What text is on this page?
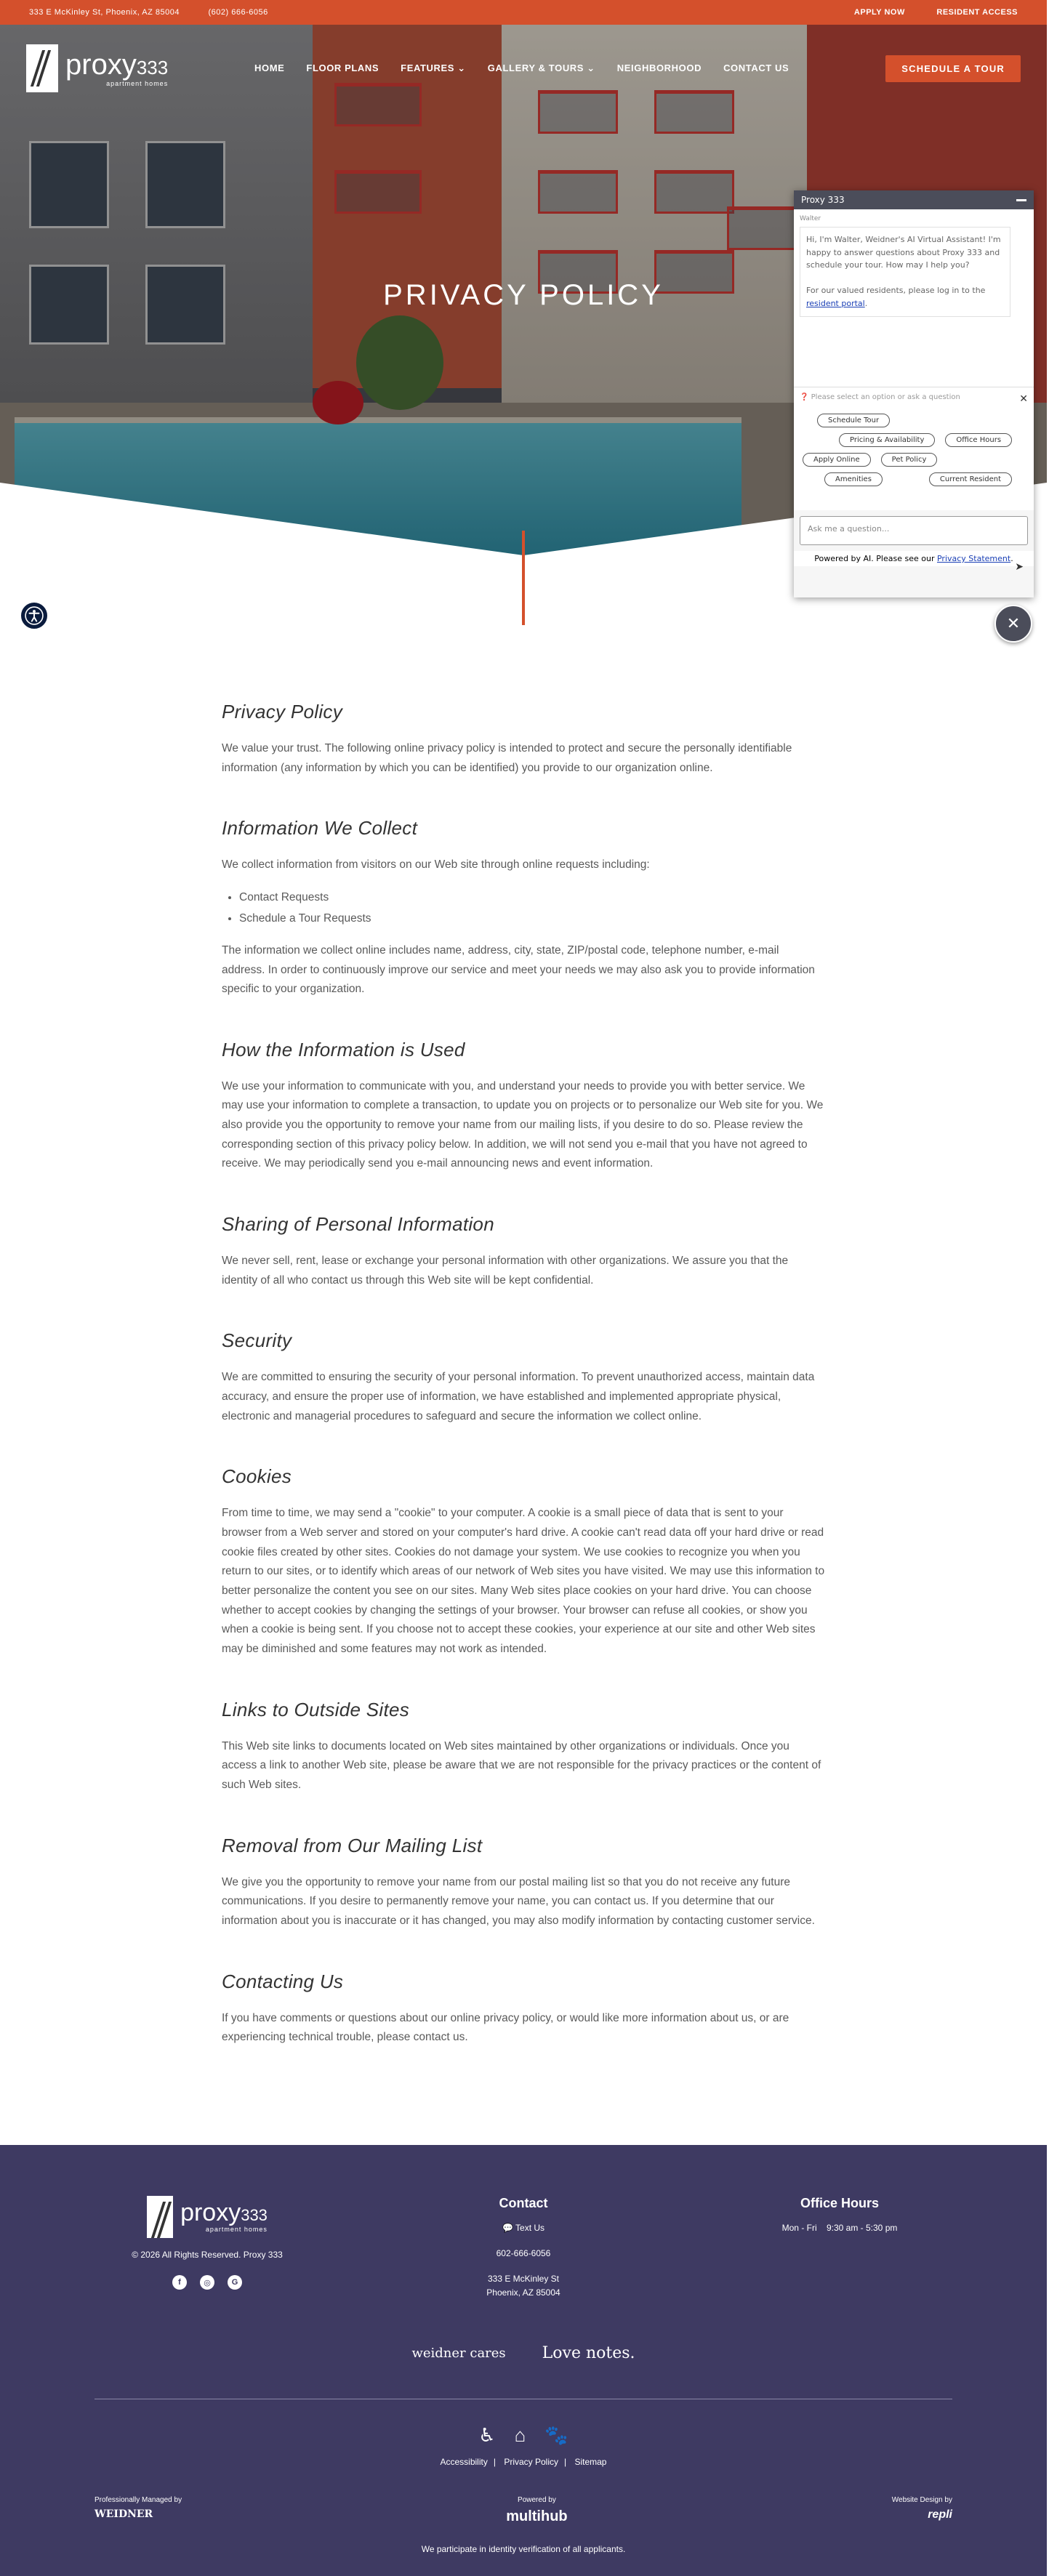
333 E McKinley St, Phoenix, AZ 85004	(602) 666-6056	APPLY NOW	RESIDENT ACCESS
proxy333
apartment homes
HOME FLOOR PLANS FEATURES ⌄ GALLERY & TOURS ⌄ NEIGHBORHOOD CONTACT US	SCHEDULE A TOUR
PRIVACY POLICY
Proxy 333
Walter
Hi, I'm Walter, Weidner's AI Virtual Assistant! I'm happy to answer questions about Proxy 333 and schedule your tour. How may I help you?

For our valued residents, please log in to the resident portal.
❓ Please select an option or ask a question	✕
Schedule Tour
Pricing & Availability	Office Hours
Apply Online	Pet Policy
Amenities	Current Resident
Ask me a question...
Powered by AI. Please see our Privacy Statement.
➤
✕
Privacy Policy

We value your trust. The following online privacy policy is intended to protect and secure the personally identifiable information (any information by which you can be identified) you provide to our organization online.

Information We Collect

We collect information from visitors on our Web site through online requests including:

• Contact Requests
• Schedule a Tour Requests

The information we collect online includes name, address, city, state, ZIP/postal code, telephone number, e-mail address. In order to continuously improve our service and meet your needs we may also ask you to provide information specific to your organization.

How the Information is Used

We use your information to communicate with you, and understand your needs to provide you with better service. We may use your information to complete a transaction, to update you on projects or to personalize our Web site for you. We also provide you the opportunity to remove your name from our mailing lists, if you desire to do so. Please review the corresponding section of this privacy policy below. In addition, we will not send you e-mail that you have not agreed to receive. We may periodically send you e-mail announcing news and event information.

Sharing of Personal Information

We never sell, rent, lease or exchange your personal information with other organizations. We assure you that the identity of all who contact us through this Web site will be kept confidential.

Security

We are committed to ensuring the security of your personal information. To prevent unauthorized access, maintain data accuracy, and ensure the proper use of information, we have established and implemented appropriate physical, electronic and managerial procedures to safeguard and secure the information we collect online.

Cookies

From time to time, we may send a "cookie" to your computer. A cookie is a small piece of data that is sent to your browser from a Web server and stored on your computer's hard drive. A cookie can't read data off your hard drive or read cookie files created by other sites. Cookies do not damage your system. We use cookies to recognize you when you return to our sites, or to identify which areas of our network of Web sites you have visited. We may use this information to better personalize the content you see on our sites. Many Web sites place cookies on your hard drive. You can choose whether to accept cookies by changing the settings of your browser. Your browser can refuse all cookies, or show you when a cookie is being sent. If you choose not to accept these cookies, your experience at our site and other Web sites may be diminished and some features may not work as intended.

Links to Outside Sites

This Web site links to documents located on Web sites maintained by other organizations or individuals. Once you access a link to another Web site, please be aware that we are not responsible for the privacy practices or the content of such Web sites.

Removal from Our Mailing List

We give you the opportunity to remove your name from our postal mailing list so that you do not receive any future communications. If you desire to permanently remove your name, you can contact us. If you determine that our information about you is inaccurate or it has changed, you may also modify information by contacting customer service.

Contacting Us

If you have comments or questions about our online privacy policy, or would like more information about us, or are experiencing technical trouble, please contact us.

proxy333
apartment homes

© 2026 All Rights Reserved. Proxy 333

f	◎	G
Contact

💬 Text Us

602-666-6056

333 E McKinley St

Phoenix, AZ 85004

Office Hours

Mon - Fri    9:30 am - 5:30 pm

weidner cares Love notes.
♿ ⌂ 🐾
Accessibility | Privacy Policy | Sitemap
Professionally Managed by
WEIDNER
Powered by
multihub
Website Design by
repli
We participate in identity verification of all applicants.
